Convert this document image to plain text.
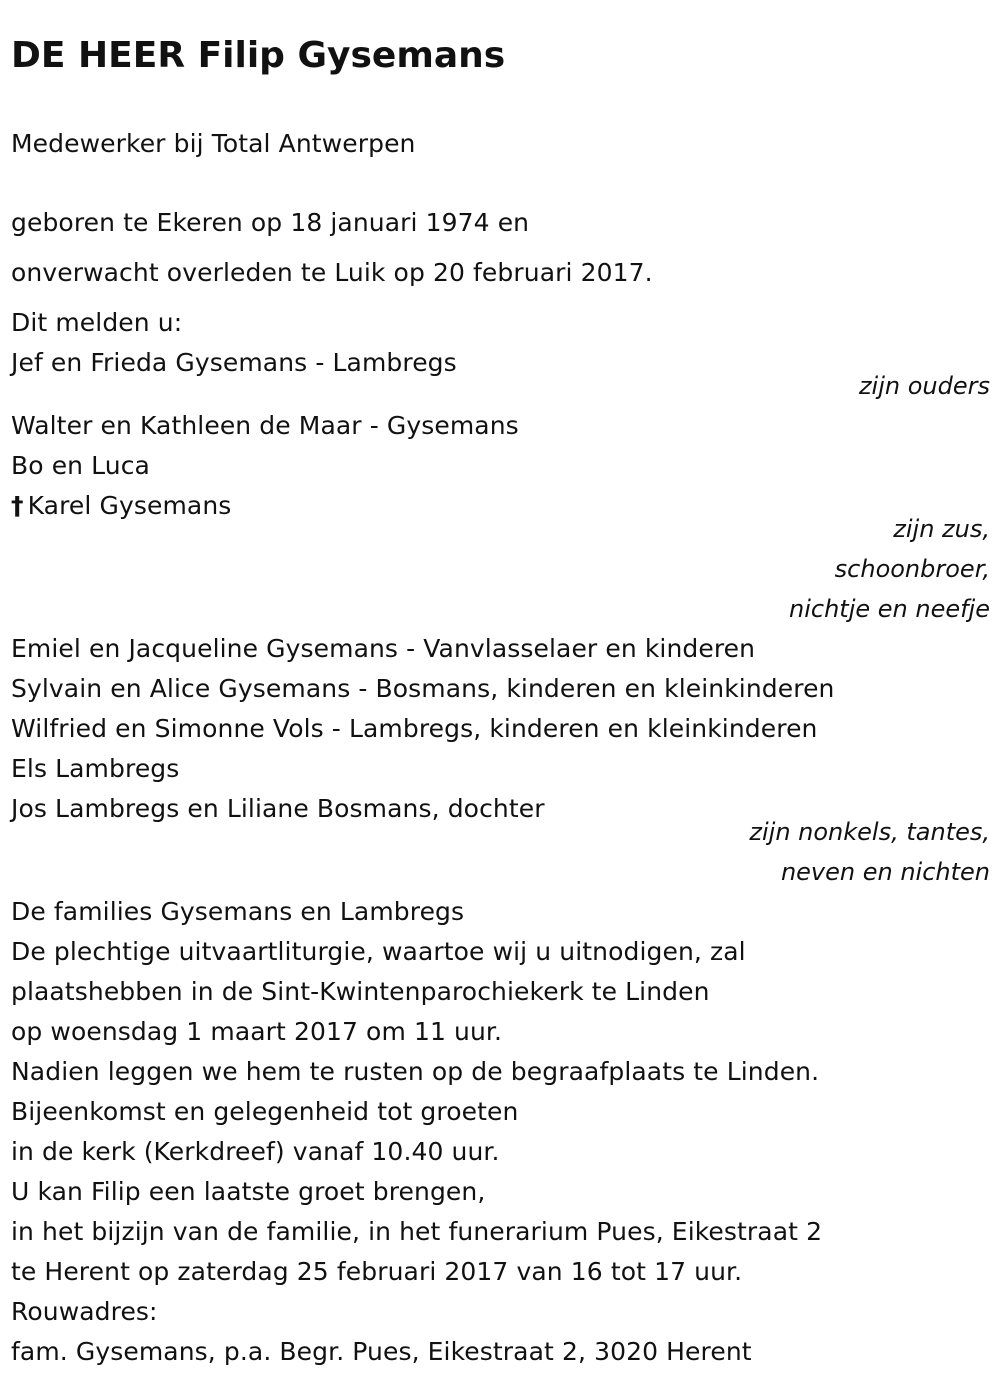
DE HEER Filip Gysemans
Medewerker bij Total Antwerpen
geboren te Ekeren op 18 januari 1974 en
onverwacht overleden te Luik op 20 februari 2017.
Dit melden u:
Jef en Frieda Gysemans - Lambregs
zijn ouders
Walter en Kathleen de Maar - Gysemans
Bo en Luca
† Karel Gysemans
zijn zus,
schoonbroer,
nichtje en neefje
Emiel en Jacqueline Gysemans - Vanvlasselaer en kinderen
Sylvain en Alice Gysemans - Bosmans, kinderen en kleinkinderen
Wilfried en Simonne Vols - Lambregs, kinderen en kleinkinderen
Els Lambregs
Jos Lambregs en Liliane Bosmans, dochter
zijn nonkels, tantes,
neven en nichten
De families Gysemans en Lambregs
De plechtige uitvaartliturgie, waartoe wij u uitnodigen, zal
plaatshebben in de Sint-Kwintenparochiekerk te Linden
op woensdag 1 maart 2017 om 11 uur.
Nadien leggen we hem te rusten op de begraafplaats te Linden.
Bijeenkomst en gelegenheid tot groeten
in de kerk (Kerkdreef) vanaf 10.40 uur.
U kan Filip een laatste groet brengen,
in het bijzijn van de familie, in het funerarium Pues, Eikestraat 2
te Herent op zaterdag 25 februari 2017 van 16 tot 17 uur.
Rouwadres:
fam. Gysemans, p.a. Begr. Pues, Eikestraat 2, 3020 Herent
